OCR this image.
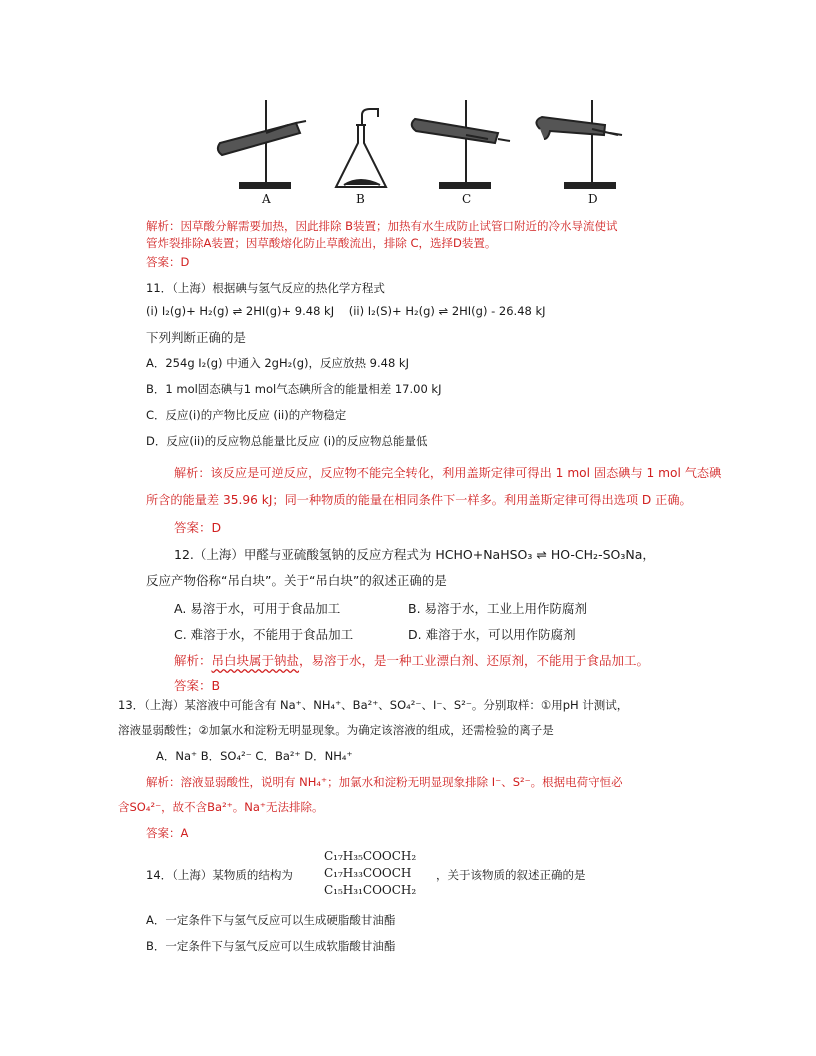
A	B	C	D
解析：因草酸分解需要加热，因此排除 B装置；加热有水生成防止试管口附近的冷水导流使试
管炸裂排除A装置；因草酸熔化防止草酸流出，排除 C，选择D装置。
答案：D
11．（上海）根据碘与氢气反应的热化学方程式
(i) I₂(g)+ H₂(g) ⇌ 2HI(g)+ 9.48 kJ (ii) I₂(S)+ H₂(g) ⇌ 2HI(g) - 26.48 kJ
下列判断正确的是
A．254g I₂(g) 中通入 2gH₂(g)，反应放热 9.48 kJ
B．1 mol固态碘与1 mol气态碘所含的能量相差 17.00 kJ
C．反应(i)的产物比反应 (ii)的产物稳定
D．反应(ii)的反应物总能量比反应 (i)的反应物总能量低
解析：该反应是可逆反应，反应物不能完全转化，利用盖斯定律可得出 1 mol 固态碘与 1 mol 气态碘
所含的能量差 35.96 kJ；同一种物质的能量在相同条件下一样多。利用盖斯定律可得出选项 D 正确。
答案：D
12.（上海）甲醛与亚硫酸氢钠的反应方程式为 HCHO+NaHSO₃ ⇌ HO-CH₂-SO₃Na，
反应产物俗称“吊白块”。关于“吊白块”的叙述正确的是
A. 易溶于水，可用于食品加工	B. 易溶于水，工业上用作防腐剂
C. 难溶于水，不能用于食品加工	D. 难溶于水，可以用作防腐剂
解析：吊白块属于钠盐，易溶于水，是一种工业漂白剂、还原剂，不能用于食品加工。
答案：B
13．（上海）某溶液中可能含有 Na⁺、NH₄⁺、Ba²⁺、SO₄²⁻、I⁻、S²⁻。分别取样：①用pH 计测试，
溶液显弱酸性；②加氯水和淀粉无明显现象。为确定该溶液的组成，还需检验的离子是
A．Na⁺ B．SO₄²⁻ C．Ba²⁺ D．NH₄⁺
解析：溶液显弱酸性，说明有 NH₄⁺；加氯水和淀粉无明显现象排除 I⁻、S²⁻。根据电荷守恒必
含SO₄²⁻，故不含Ba²⁺。Na⁺无法排除。
答案：A
C₁₇H₃₅COOCH₂
C₁₇H₃₃COOCH
C₁₅H₃₁COOCH₂
14．（上海）某物质的结构为	，关于该物质的叙述正确的是
A．一定条件下与氢气反应可以生成硬脂酸甘油酯
B．一定条件下与氢气反应可以生成软脂酸甘油酯
